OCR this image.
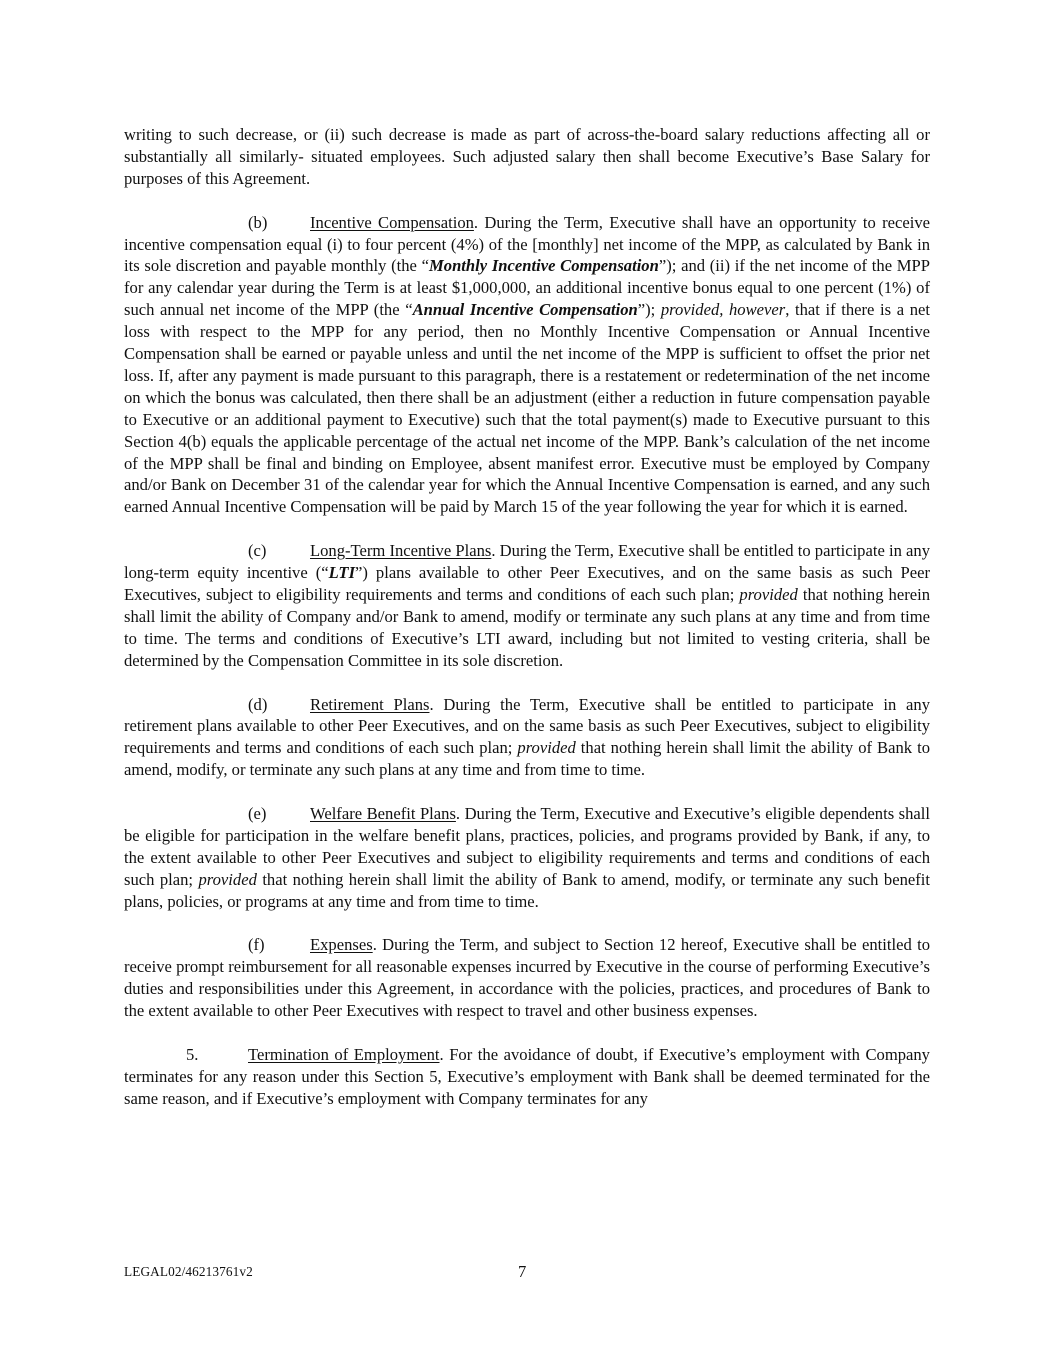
writing to such decrease, or (ii) such decrease is made as part of across-the-board salary reductions affecting all or substantially all similarly- situated employees. Such adjusted salary then shall become Executive’s Base Salary for purposes of this Agreement.

(b)	Incentive Compensation. During the Term, Executive shall have an opportunity to receive incentive compensation equal (i) to four percent (4%) of the [monthly] net income of the MPP, as calculated by Bank in its sole discretion and payable monthly (the “Monthly Incentive Compensation”); and (ii) if the net income of the MPP for any calendar year during the Term is at least $1,000,000, an additional incentive bonus equal to one percent (1%) of such annual net income of the MPP (the “Annual Incentive Compensation”); provided, however, that if there is a net loss with respect to the MPP for any period, then no Monthly Incentive Compensation or Annual Incentive Compensation shall be earned or payable unless and until the net income of the MPP is sufficient to offset the prior net loss. If, after any payment is made pursuant to this paragraph, there is a restatement or redetermination of the net income on which the bonus was calculated, then there shall be an adjustment (either a reduction in future compensation payable to Executive or an additional payment to Executive) such that the total payment(s) made to Executive pursuant to this Section 4(b) equals the applicable percentage of the actual net income of the MPP. Bank’s calculation of the net income of the MPP shall be final and binding on Employee, absent manifest error. Executive must be employed by Company and/or Bank on December 31 of the calendar year for which the Annual Incentive Compensation is earned, and any such earned Annual Incentive Compensation will be paid by March 15 of the year following the year for which it is earned.

(c)	Long-Term Incentive Plans. During the Term, Executive shall be entitled to participate in any long-term equity incentive (“LTI”) plans available to other Peer Executives, and on the same basis as such Peer Executives, subject to eligibility requirements and terms and conditions of each such plan; provided that nothing herein shall limit the ability of Company and/or Bank to amend, modify or terminate any such plans at any time and from time to time. The terms and conditions of Executive’s LTI award, including but not limited to vesting criteria, shall be determined by the Compensation Committee in its sole discretion.

(d)	Retirement Plans. During the Term, Executive shall be entitled to participate in any retirement plans available to other Peer Executives, and on the same basis as such Peer Executives, subject to eligibility requirements and terms and conditions of each such plan; provided that nothing herein shall limit the ability of Bank to amend, modify, or terminate any such plans at any time and from time to time.

(e)	Welfare Benefit Plans. During the Term, Executive and Executive’s eligible dependents shall be eligible for participation in the welfare benefit plans, practices, policies, and programs provided by Bank, if any, to the extent available to other Peer Executives and subject to eligibility requirements and terms and conditions of each such plan; provided that nothing herein shall limit the ability of Bank to amend, modify, or terminate any such benefit plans, policies, or programs at any time and from time to time.

(f)	Expenses. During the Term, and subject to Section 12 hereof, Executive shall be entitled to receive prompt reimbursement for all reasonable expenses incurred by Executive in the course of performing Executive’s duties and responsibilities under this Agreement, in accordance with the policies, practices, and procedures of Bank to the extent available to other Peer Executives with respect to travel and other business expenses.

5.	Termination of Employment. For the avoidance of doubt, if Executive’s employment with Company terminates for any reason under this Section 5, Executive’s employment with Bank shall be deemed terminated for the same reason, and if Executive’s employment with Company terminates for any

LEGAL02/46213761v2	7
